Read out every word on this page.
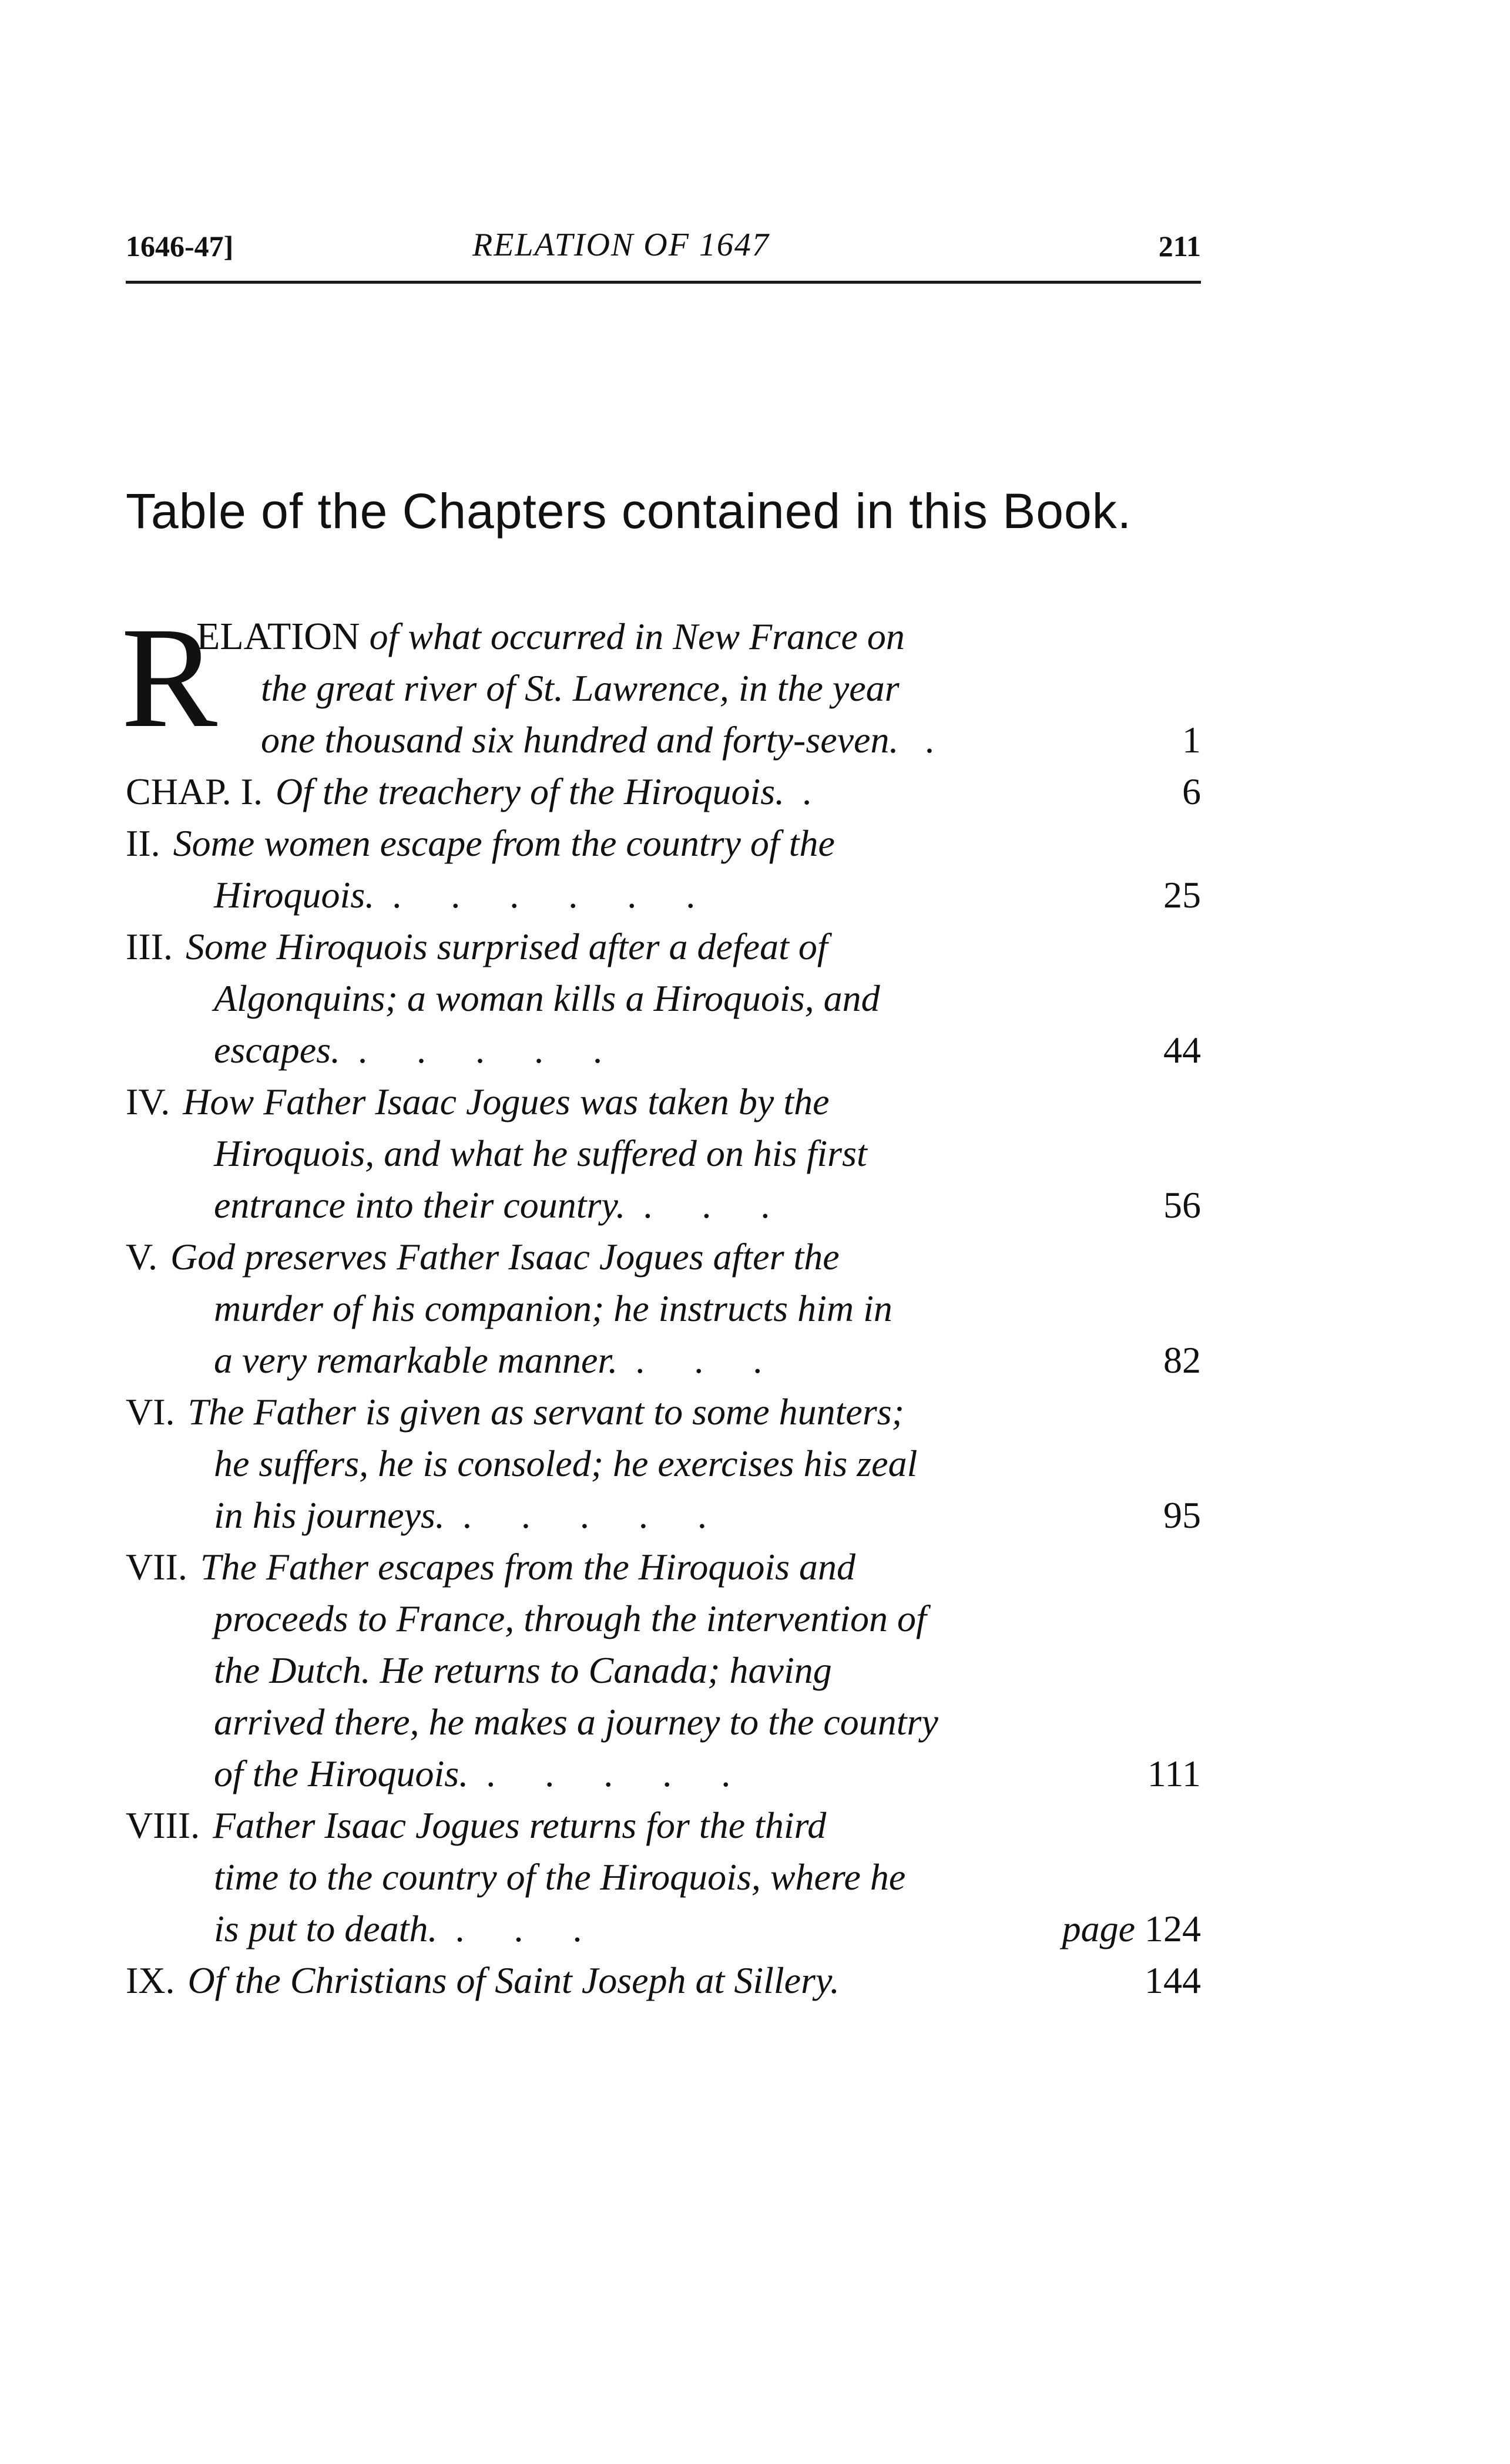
1646-47]	RELATION OF 1647	211
Table of the Chapters contained in this Book.
R
ELATION of what occurred in New France on
the great river of St. Lawrence, in the year
one thousand six hundred and forty-seven. .	1
CHAP. I. Of the treachery of the Hiroquois. .	6
II. Some women escape from the country of the
Hiroquois. ......	25
III. Some Hiroquois surprised after a defeat of
Algonquins; a woman kills a Hiroquois, and
escapes. .....	44
IV. How Father Isaac Jogues was taken by the
Hiroquois, and what he suffered on his first
entrance into their country. ...	56
V. God preserves Father Isaac Jogues after the
murder of his companion; he instructs him in
a very remarkable manner. ...	82
VI. The Father is given as servant to some hunters;
he suffers, he is consoled; he exercises his zeal
in his journeys. .....	95
VII. The Father escapes from the Hiroquois and
proceeds to France, through the intervention of
the Dutch. He returns to Canada; having
arrived there, he makes a journey to the country
of the Hiroquois. .....	111
VIII. Father Isaac Jogues returns for the third
time to the country of the Hiroquois, where he
is put to death. ...	page 124
IX. Of the Christians of Saint Joseph at Sillery.	144
